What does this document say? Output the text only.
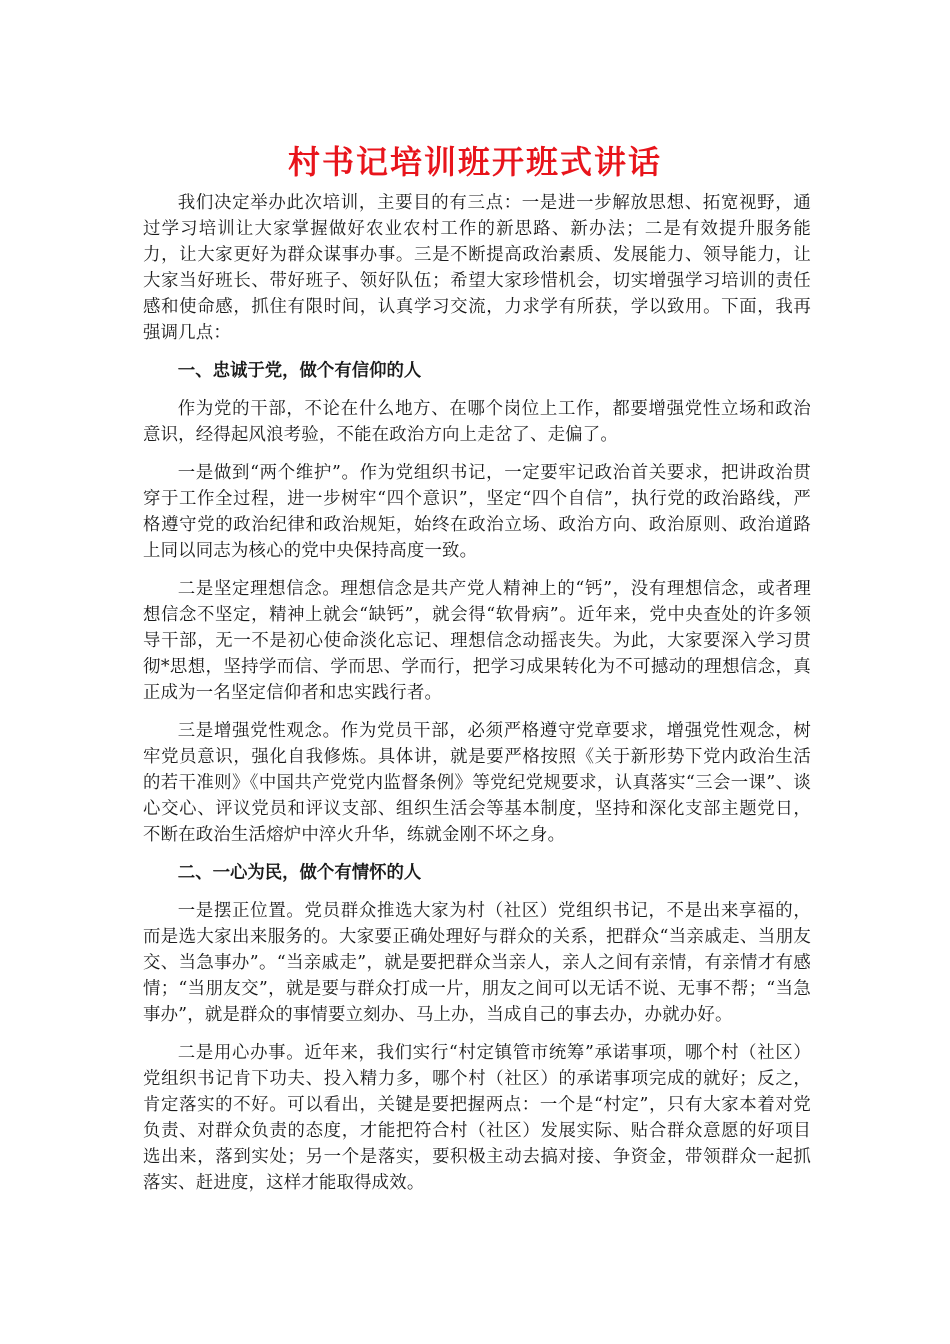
村书记培训班开班式讲话

我们决定举办此次培训，主要目的有三点：一是进一步解放思想、拓宽视野，通过学习培训让大家掌握做好农业农村工作的新思路、新办法；二是有效提升服务能力，让大家更好为群众谋事办事。三是不断提高政治素质、发展能力、领导能力，让大家当好班长、带好班子、领好队伍；希望大家珍惜机会，切实增强学习培训的责任感和使命感，抓住有限时间，认真学习交流，力求学有所获，学以致用。下面，我再强调几点：

一、忠诚于党，做个有信仰的人

作为党的干部，不论在什么地方、在哪个岗位上工作，都要增强党性立场和政治意识，经得起风浪考验，不能在政治方向上走岔了、走偏了。

一是做到“两个维护”。作为党组织书记，一定要牢记政治首关要求，把讲政治贯穿于工作全过程，进一步树牢“四个意识”，坚定“四个自信”，执行党的政治路线，严格遵守党的政治纪律和政治规矩，始终在政治立场、政治方向、政治原则、政治道路上同以同志为核心的党中央保持高度一致。

二是坚定理想信念。理想信念是共产党人精神上的“钙”，没有理想信念，或者理想信念不坚定，精神上就会“缺钙”，就会得“软骨病”。近年来，党中央查处的许多领导干部，无一不是初心使命淡化忘记、理想信念动摇丧失。为此，大家要深入学习贯彻*思想，坚持学而信、学而思、学而行，把学习成果转化为不可撼动的理想信念，真正成为一名坚定信仰者和忠实践行者。

三是增强党性观念。作为党员干部，必须严格遵守党章要求，增强党性观念，树牢党员意识，强化自我修炼。具体讲，就是要严格按照《关于新形势下党内政治生活的若干准则》《中国共产党党内监督条例》等党纪党规要求，认真落实“三会一课”、谈心交心、评议党员和评议支部、组织生活会等基本制度，坚持和深化支部主题党日，不断在政治生活熔炉中淬火升华，练就金刚不坏之身。

二、一心为民，做个有情怀的人

一是摆正位置。党员群众推选大家为村（社区）党组织书记，不是出来享福的，而是选大家出来服务的。大家要正确处理好与群众的关系，把群众“当亲戚走、当朋友交、当急事办”。“当亲戚走”，就是要把群众当亲人，亲人之间有亲情，有亲情才有感情；“当朋友交”，就是要与群众打成一片，朋友之间可以无话不说、无事不帮；“当急事办”，就是群众的事情要立刻办、马上办，当成自己的事去办，办就办好。

二是用心办事。近年来，我们实行“村定镇管市统筹”承诺事项，哪个村（社区）党组织书记肯下功夫、投入精力多，哪个村（社区）的承诺事项完成的就好；反之，肯定落实的不好。可以看出，关键是要把握两点：一个是“村定”，只有大家本着对党负责、对群众负责的态度，才能把符合村（社区）发展实际、贴合群众意愿的好项目选出来，落到实处；另一个是落实，要积极主动去搞对接、争资金，带领群众一起抓落实、赶进度，这样才能取得成效。
